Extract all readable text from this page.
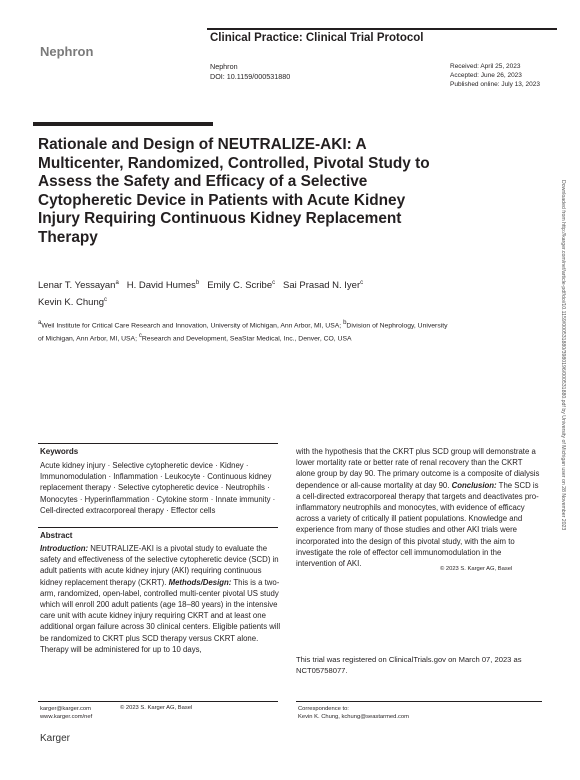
Nephron
Clinical Practice: Clinical Trial Protocol
Nephron
DOI: 10.1159/000531880
Received: April 25, 2023
Accepted: June 26, 2023
Published online: July 13, 2023
Rationale and Design of NEUTRALIZE-AKI: A Multicenter, Randomized, Controlled, Pivotal Study to Assess the Safety and Efficacy of a Selective Cytopheretic Device in Patients with Acute Kidney Injury Requiring Continuous Kidney Replacement Therapy
Lenar T. Yessayan$^a$ H. David Humes$^b$ Emily C. Scribe$^c$ Sai Prasad N. Iyer$^c$
Kevin K. Chung$^c$
$^a$Weil Institute for Critical Care Research and Innovation, University of Michigan, Ann Arbor, MI, USA; $^b$Division of Nephrology, University of Michigan, Ann Arbor, MI, USA; $^c$Research and Development, SeaStar Medical, Inc., Denver, CO, USA	Downloaded from http://karger.com/nef/article-pdf/doi/10.1159/000531880/3980196/000531880.pdf by University of Michigan user on 28 November 2023
Keywords
Acute kidney injury · Selective cytopheretic device · Kidney · Immunomodulation · Inflammation · Leukocyte · Continuous kidney replacement therapy · Selective cytopheretic device · Neutrophils · Monocytes · Hyperinflammation · Cytokine storm · Innate immunity · Cell-directed extracorporeal therapy · Effector cells
Abstract
Introduction: NEUTRALIZE-AKI is a pivotal study to evaluate the safety and effectiveness of the selective cytopheretic device (SCD) in adult patients with acute kidney injury (AKI) requiring continuous kidney replacement therapy (CKRT). Methods/Design: This is a two-arm, randomized, open-label, controlled multi-center pivotal US study which will enroll 200 adult patients (age 18–80 years) in the intensive care unit with acute kidney injury requiring CKRT and at least one additional organ failure across 30 clinical centers. Eligible patients will be randomized to CKRT plus SCD therapy versus CKRT alone. Therapy will be administered for up to 10 days,
with the hypothesis that the CKRT plus SCD group will demonstrate a lower mortality rate or better rate of renal recovery than the CKRT alone group by day 90. The primary outcome is a composite of dialysis dependence or all-cause mortality at day 90. Conclusion: The SCD is a cell-directed extracorporeal therapy that targets and deactivates pro-inflammatory neutrophils and monocytes, with evidence of efficacy across a variety of critically ill patient populations. Knowledge and experience from many of those studies and other AKI trials were incorporated into the design of this pivotal study, with the aim to investigate the role of effector cell immunomodulation in the intervention of AKI.
© 2023 S. Karger AG, Basel
This trial was registered on ClinicalTrials.gov on March 07, 2023 as NCT05758077.
karger@karger.com
www.karger.com/nef
© 2023 S. Karger AG, Basel
Karger
Correspondence to:
Kevin K. Chung, kchung@seastarmed.com
